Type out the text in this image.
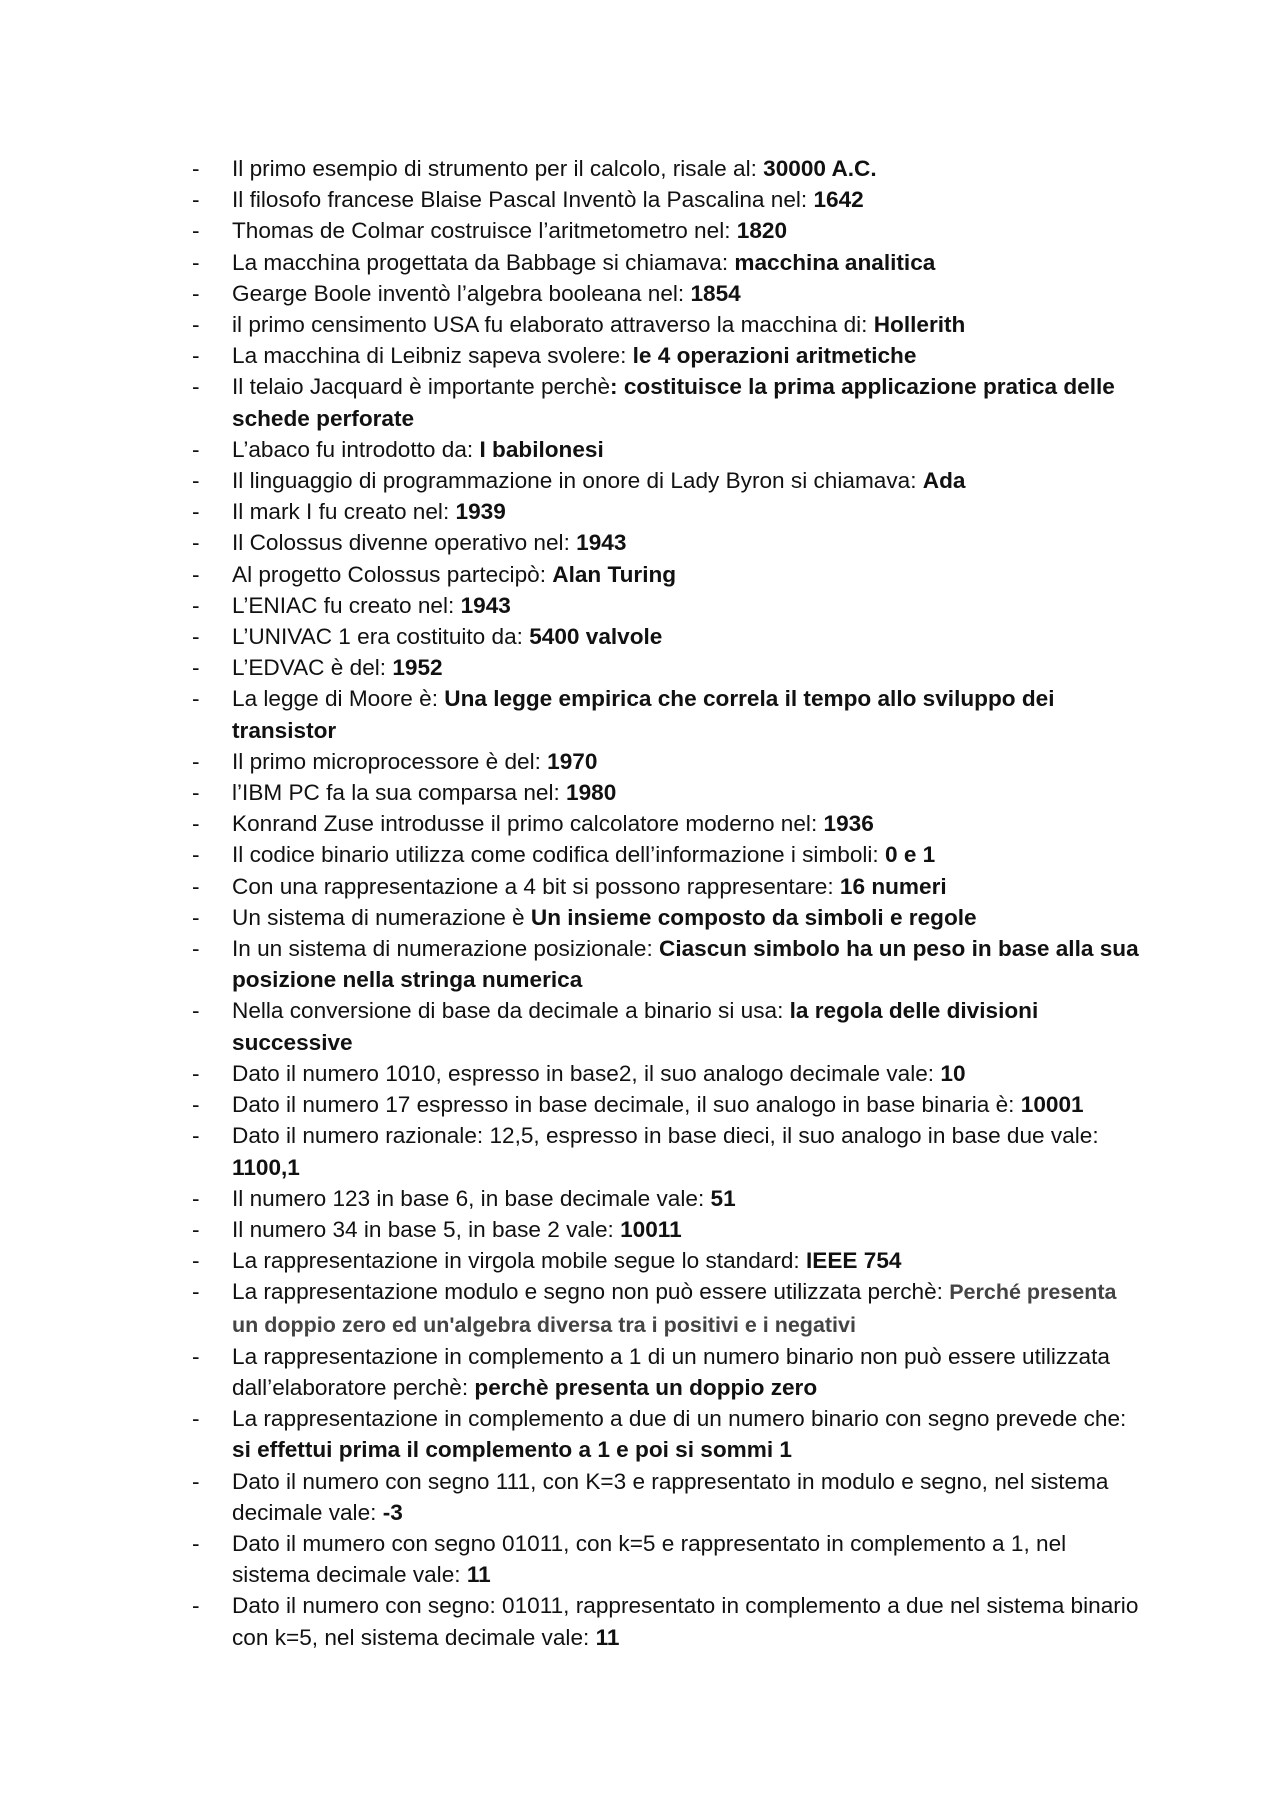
-	Il primo esempio di strumento per il calcolo, risale al: 30000 A.C.
-	Il filosofo francese Blaise Pascal Inventò la Pascalina nel: 1642
-	Thomas de Colmar costruisce l’aritmetometro nel: 1820
-	La macchina progettata da Babbage si chiamava: macchina analitica
-	Gearge Boole inventò l’algebra booleana nel: 1854
-	il primo censimento USA fu elaborato attraverso la macchina di: Hollerith
-	La macchina di Leibniz sapeva svolere: le 4 operazioni aritmetiche
-	Il telaio Jacquard è importante perchè: costituisce la prima applicazione pratica delle schede perforate
-	L’abaco fu introdotto da: I babilonesi
-	Il linguaggio di programmazione in onore di Lady Byron si chiamava: Ada
-	Il mark I fu creato nel: 1939
-	Il Colossus divenne operativo nel: 1943
-	Al progetto Colossus partecipò: Alan Turing
-	L’ENIAC fu creato nel: 1943
-	L’UNIVAC 1 era costituito da: 5400 valvole
-	L’EDVAC è del: 1952
-	La legge di Moore è: Una legge empirica che correla il tempo allo sviluppo dei transistor
-	Il primo microprocessore è del: 1970
-	l’IBM PC fa la sua comparsa nel: 1980
-	Konrand Zuse introdusse il primo calcolatore moderno nel: 1936
-	Il codice binario utilizza come codifica dell’informazione i simboli: 0 e 1
-	Con una rappresentazione a 4 bit si possono rappresentare: 16 numeri
-	Un sistema di numerazione è Un insieme composto da simboli e regole
-	In un sistema di numerazione posizionale: Ciascun simbolo ha un peso in base alla sua posizione nella stringa numerica
-	Nella conversione di base da decimale a binario si usa: la regola delle divisioni successive
-	Dato il numero 1010, espresso in base2, il suo analogo decimale vale: 10
-	Dato il numero 17 espresso in base decimale, il suo analogo in base binaria è: 10001
-	Dato il numero razionale: 12,5, espresso in base dieci, il suo analogo in base due vale: 1100,1
-	Il numero 123 in base 6, in base decimale vale: 51
-	Il numero 34 in base 5, in base 2 vale: 10011
-	La rappresentazione in virgola mobile segue lo standard: IEEE 754
-	La rappresentazione modulo e segno non può essere utilizzata perchè: Perché presenta un doppio zero ed un'algebra diversa tra i positivi e i negativi
-	La rappresentazione in complemento a 1 di un numero binario non può essere utilizzata dall’elaboratore perchè: perchè presenta un doppio zero
-	La rappresentazione in complemento a due di un numero binario con segno prevede che: si effettui prima il complemento a 1 e poi si sommi 1
-	Dato il numero con segno 111, con K=3 e rappresentato in modulo e segno, nel sistema decimale vale: -3
-	Dato il mumero con segno 01011, con k=5 e rappresentato in complemento a 1, nel sistema decimale vale: 11
-	Dato il numero con segno: 01011, rappresentato in complemento a due nel sistema binario con k=5, nel sistema decimale vale: 11
